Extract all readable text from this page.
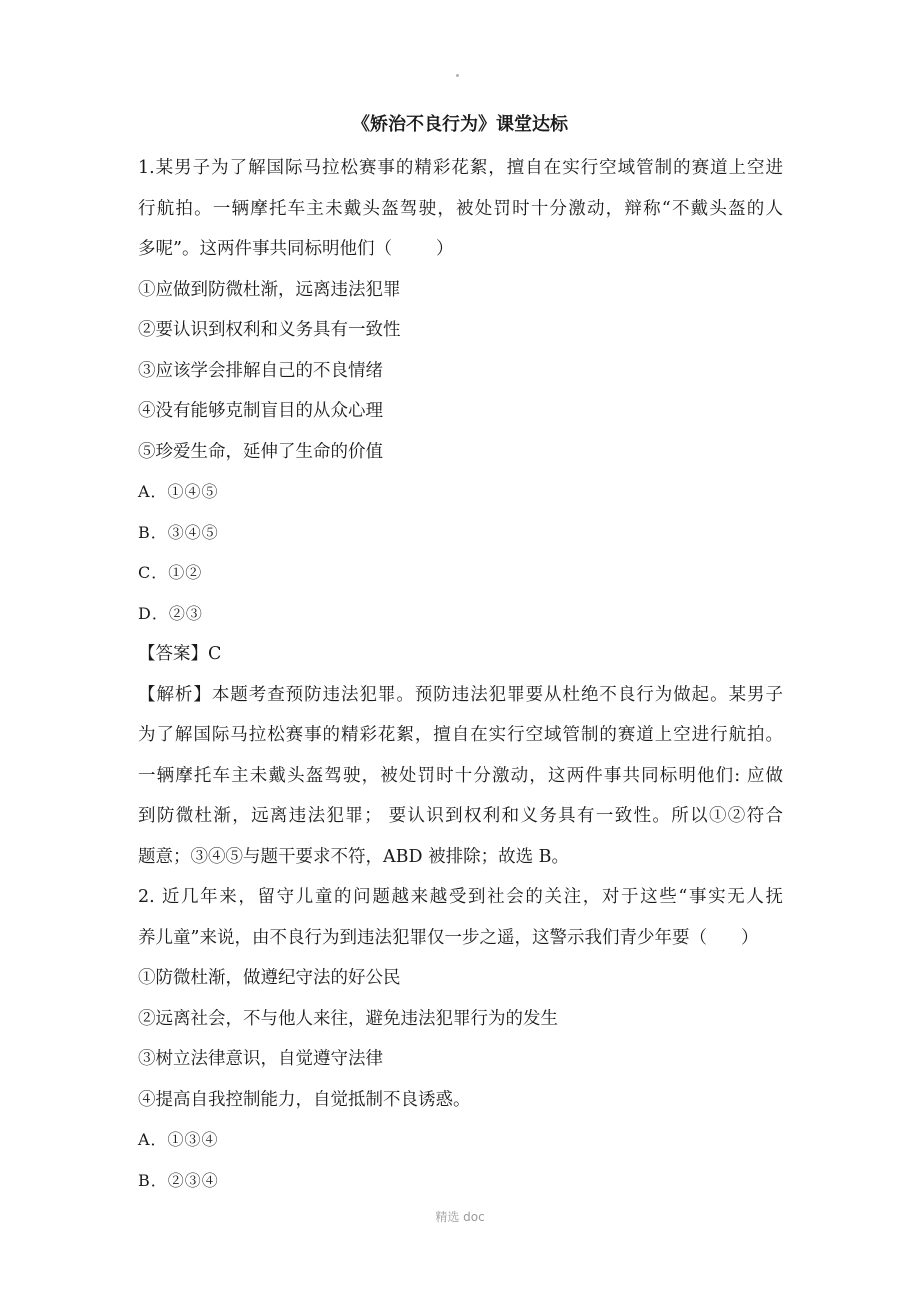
《矫治不良行为》课堂达标
1.某男子为了解国际马拉松赛事的精彩花絮，擅自在实行空域管制的赛道上空进
行航拍。一辆摩托车主未戴头盔驾驶，被处罚时十分激动，辩称“不戴头盔的人
多呢”。这两件事共同标明他们（	）
①应做到防微杜渐，远离违法犯罪
②要认识到权利和义务具有一致性
③应该学会排解自己的不良情绪
④没有能够克制盲目的从众心理
⑤珍爱生命，延伸了生命的价值
A．①④⑤
B．③④⑤
C．①②
D．②③
【答案】C
【解析】本题考查预防违法犯罪。预防违法犯罪要从杜绝不良行为做起。某男子
为了解国际马拉松赛事的精彩花絮，擅自在实行空域管制的赛道上空进行航拍。
一辆摩托车主未戴头盔驾驶，被处罚时十分激动，这两件事共同标明他们: 应做
到防微杜渐，远离违法犯罪； 要认识到权利和义务具有一致性。所以①②符合
题意；③④⑤与题干要求不符，ABD 被排除；故选 B。
2. 近几年来，留守儿童的问题越来越受到社会的关注，对于这些“事实无人抚
养儿童”来说，由不良行为到违法犯罪仅一步之遥，这警示我们青少年要（ ）
①防微杜渐，做遵纪守法的好公民
②远离社会，不与他人来往，避免违法犯罪行为的发生
③树立法律意识，自觉遵守法律
④提高自我控制能力，自觉抵制不良诱惑。
A．①③④
B．②③④
精选 doc
